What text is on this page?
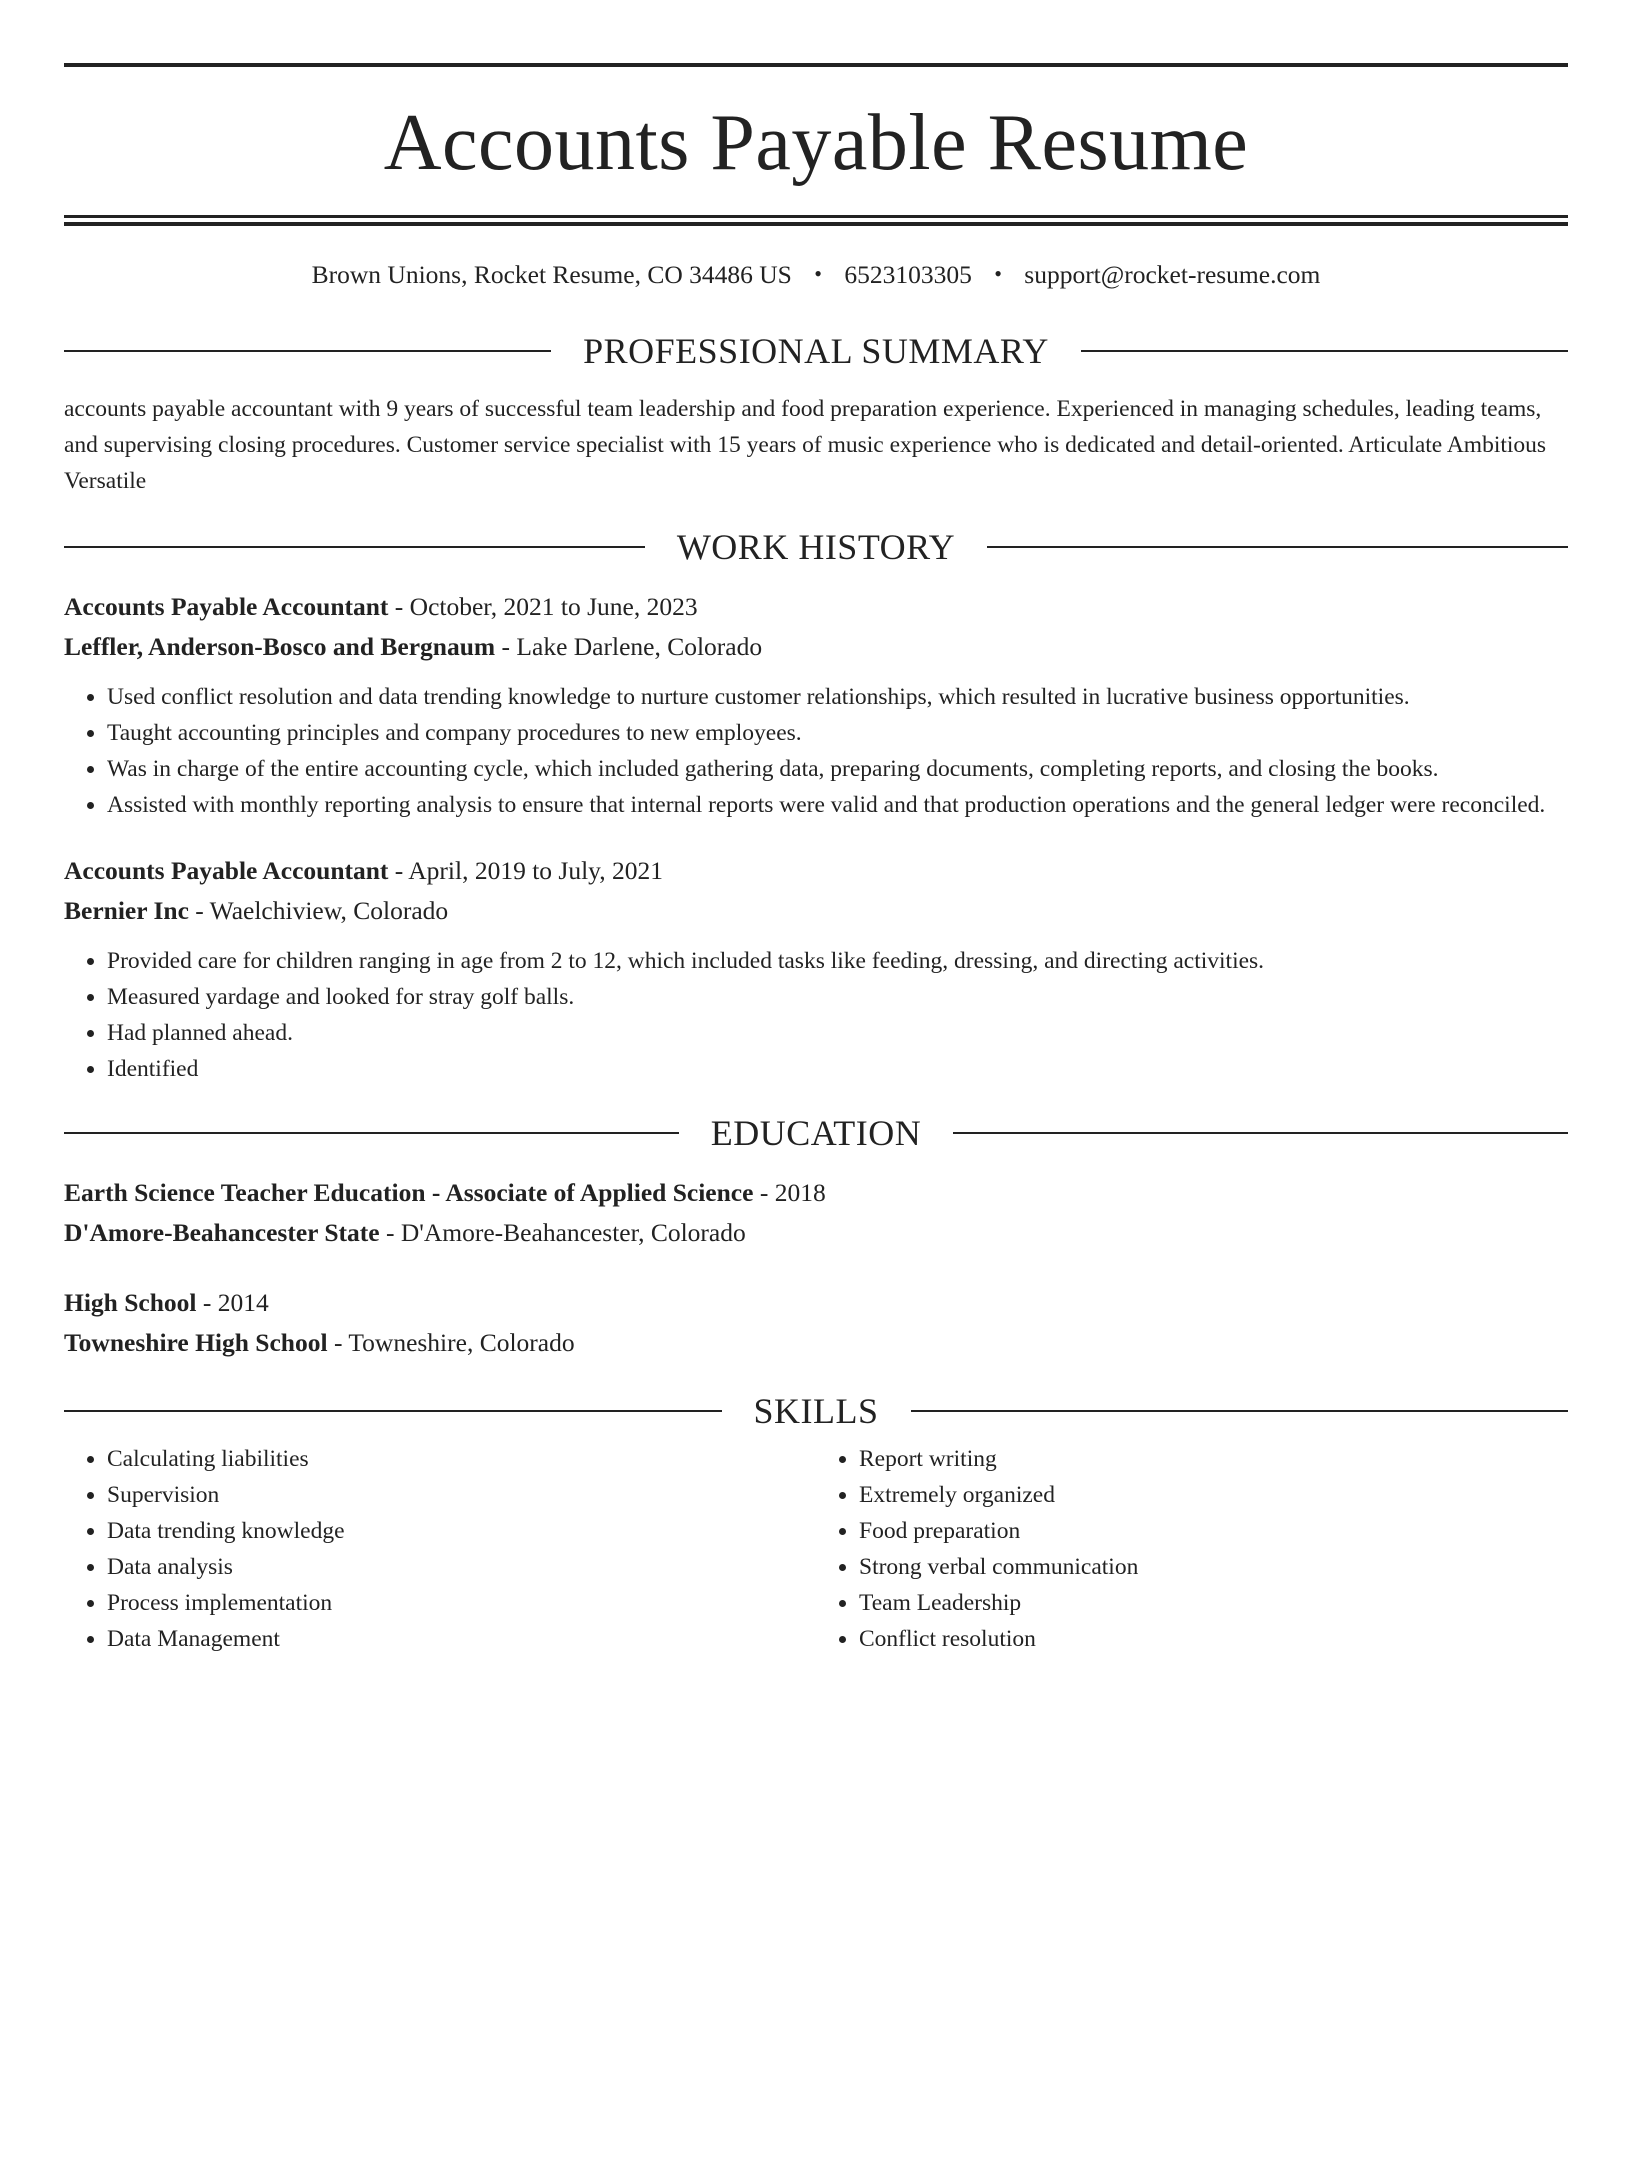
Accounts Payable Resume
Brown Unions, Rocket Resume, CO 34486 US • 6523103305 • support@rocket-resume.com
PROFESSIONAL SUMMARY
accounts payable accountant with 9 years of successful team leadership and food preparation experience. Experienced in managing schedules, leading teams, and supervising closing procedures. Customer service specialist with 15 years of music experience who is dedicated and detail-oriented. Articulate Ambitious Versatile
WORK HISTORY
Accounts Payable Accountant - October, 2021 to June, 2023
Leffler, Anderson-Bosco and Bergnaum - Lake Darlene, Colorado
• Used conflict resolution and data trending knowledge to nurture customer relationships, which resulted in lucrative business opportunities.
• Taught accounting principles and company procedures to new employees.
• Was in charge of the entire accounting cycle, which included gathering data, preparing documents, completing reports, and closing the books.
• Assisted with monthly reporting analysis to ensure that internal reports were valid and that production operations and the general ledger were reconciled.
Accounts Payable Accountant - April, 2019 to July, 2021
Bernier Inc - Waelchiview, Colorado
• Provided care for children ranging in age from 2 to 12, which included tasks like feeding, dressing, and directing activities.
• Measured yardage and looked for stray golf balls.
• Had planned ahead.
• Identified
EDUCATION
Earth Science Teacher Education - Associate of Applied Science - 2018
D'Amore-Beahancester State - D'Amore-Beahancester, Colorado
High School - 2014
Towneshire High School - Towneshire, Colorado
SKILLS
• Calculating liabilities
• Supervision
• Data trending knowledge
• Data analysis
• Process implementation
• Data Management
• Report writing
• Extremely organized
• Food preparation
• Strong verbal communication
• Team Leadership
• Conflict resolution
